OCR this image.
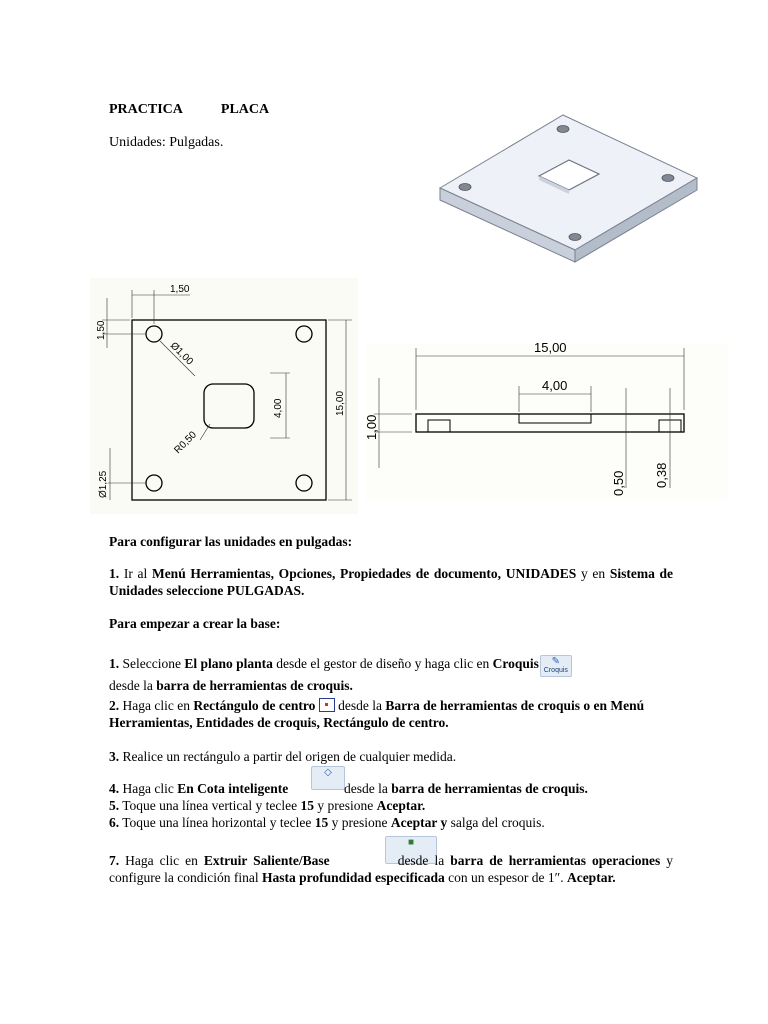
PRACTICA	PLACA
Unidades: Pulgadas.
1,50
1,50
Ø1,00
4,00
R0,50
15,00
Ø1,25
15,00
4,00
1,00
0,50 0,38
Para configurar las unidades en pulgadas:
1. Ir al Menú Herramientas, Opciones, Propiedades de documento, UNIDADES y en Sistema de Unidades seleccione PULGADAS.
Para empezar a crear la base:
1. Seleccione El plano planta desde el gestor de diseño y haga clic en Croquis	✎
Croquis
desde la barra de herramientas de croquis.
2. Haga clic en Rectángulo de centro
desde la Barra de herramientas de croquis o en Menú Herramientas, Entidades de croquis, Rectángulo de centro.
3. Realice un rectángulo a partir del origen de cualquier medida.
4. Haga clic En Cota inteligente
◇
desde la barra de herramientas de croquis.
5. Toque una línea vertical y teclee 15 y presione Aceptar.
6. Toque una línea horizontal y teclee 15 y presione Aceptar y salga del croquis.
■
7. Haga clic en Extruir Saliente/Base	desde la barra de herramientas operaciones y configure la condición final Hasta profundidad especificada con un espesor de 1″. Aceptar.
